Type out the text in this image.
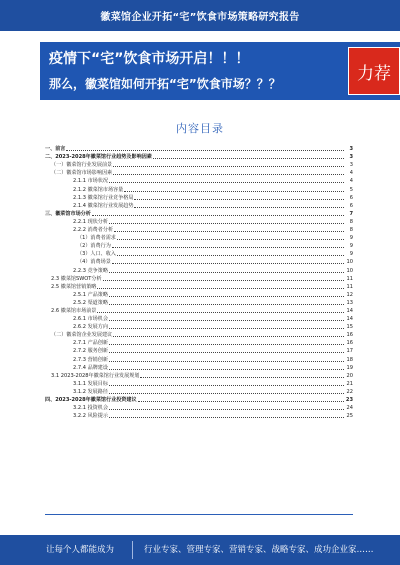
徽菜馆企业开拓“宅”饮食市场策略研究报告
疫情下“宅”饮食市场开启！！！
那么，徽菜馆如何开拓“宅”饮食市场？？？
力荐
内容目录
一、前言	3
二、2023-2028年徽菜馆行业趋势及影响因素	3
（一）徽菜馆行业发展前景	3
（二）徽菜馆市场影响因素	4
2.1.1 市场状况	4
2.1.2 徽菜馆市场容量	5
2.1.3 徽菜馆行业竞争格局	6
2.1.4 徽菜馆行业发展趋势	6
三、徽菜馆市场分析	7
2.2.1 现状分析	8
2.2.2 消费者分析	8
（1）消费者需求	9
（2）消费行为	9
（3）人口、收入	9
（4）消费场景	10
2.2.3 竞争策略	10
2.3 徽菜馆SWOT分析	11
2.5 徽菜馆营销策略	11
2.5.1 产品策略	12
2.5.2 渠道策略	13
2.6 徽菜馆市场前景	14
2.6.1 市场机会	14
2.6.2 发展方向	15
（二）徽菜馆企业发展建议	16
2.7.1 产品创新	16
2.7.2 服务创新	17
2.7.3 营销创新	18
2.7.4 品牌建设	19
3.1 2023-2028年徽菜馆行业发展规划	20
3.1.1 发展目标	21
3.1.2 发展路径	22
四、2023-2028年徽菜馆行业投资建议	23
3.2.1 投资机会	24
3.2.2 风险提示	25
让每个人都能成为	行业专家、管理专家、营销专家、战略专家、成功企业家……
